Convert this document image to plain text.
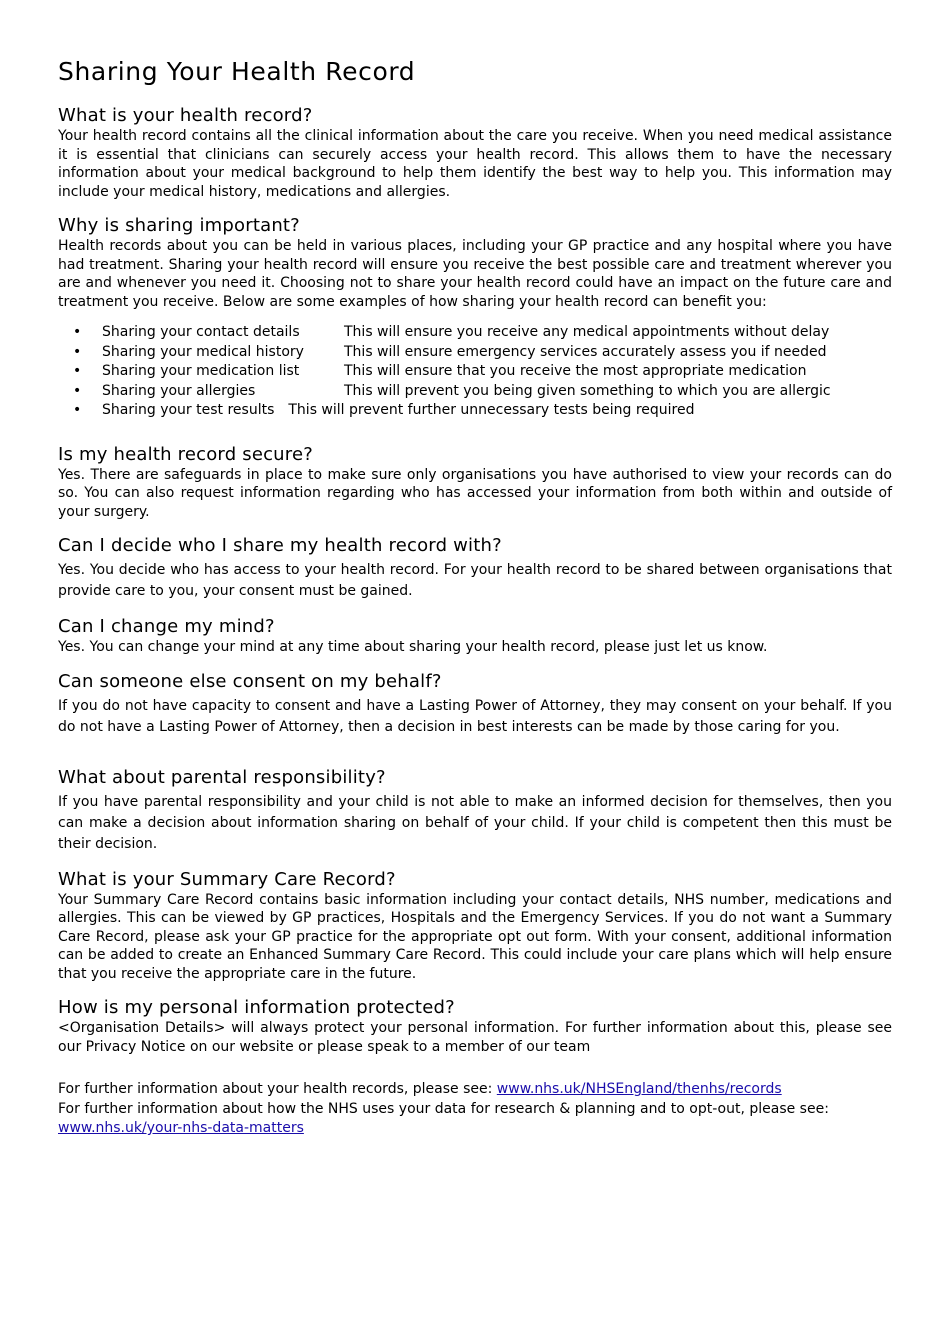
Sharing Your Health Record
What is your health record?

Your health record contains all the clinical information about the care you receive. When you need medical assistance it is essential that clinicians can securely access your health record. This allows them to have the necessary information about your medical background to help them identify the best way to help you. This information may include your medical history, medications and allergies.

Why is sharing important?

Health records about you can be held in various places, including your GP practice and any hospital where you have had treatment. Sharing your health record will ensure you receive the best possible care and treatment wherever you are and whenever you need it. Choosing not to share your health record could have an impact on the future care and treatment you receive. Below are some examples of how sharing your health record can benefit you:

• Sharing your contact details	This will ensure you receive any medical appointments without delay
• Sharing your medical history	This will ensure emergency services accurately assess you if needed
• Sharing your medication list	This will ensure that you receive the most appropriate medication
• Sharing your allergies	This will prevent you being given something to which you are allergic
• Sharing your test results This will prevent further unnecessary tests being required
Is my health record secure?

Yes. There are safeguards in place to make sure only organisations you have authorised to view your records can do so. You can also request information regarding who has accessed your information from both within and outside of your surgery.

Can I decide who I share my health record with?

Yes. You decide who has access to your health record. For your health record to be shared between organisations that provide care to you, your consent must be gained.

Can I change my mind?

Yes. You can change your mind at any time about sharing your health record, please just let us know.

Can someone else consent on my behalf?

If you do not have capacity to consent and have a Lasting Power of Attorney, they may consent on your behalf. If you do not have a Lasting Power of Attorney, then a decision in best interests can be made by those caring for you.

What about parental responsibility?

If you have parental responsibility and your child is not able to make an informed decision for themselves, then you can make a decision about information sharing on behalf of your child. If your child is competent then this must be their decision.

What is your Summary Care Record?

Your Summary Care Record contains basic information including your contact details, NHS number, medications and allergies. This can be viewed by GP practices, Hospitals and the Emergency Services. If you do not want a Summary Care Record, please ask your GP practice for the appropriate opt out form. With your consent, additional information can be added to create an Enhanced Summary Care Record. This could include your care plans which will help ensure that you receive the appropriate care in the future.

How is my personal information protected?

<Organisation Details> will always protect your personal information. For further information about this, please see our Privacy Notice on our website or please speak to a member of our team

For further information about your health records, please see: www.nhs.uk/NHSEngland/thenhs/records

For further information about how the NHS uses your data for research & planning and to opt-out, please see:

www.nhs.uk/your-nhs-data-matters
